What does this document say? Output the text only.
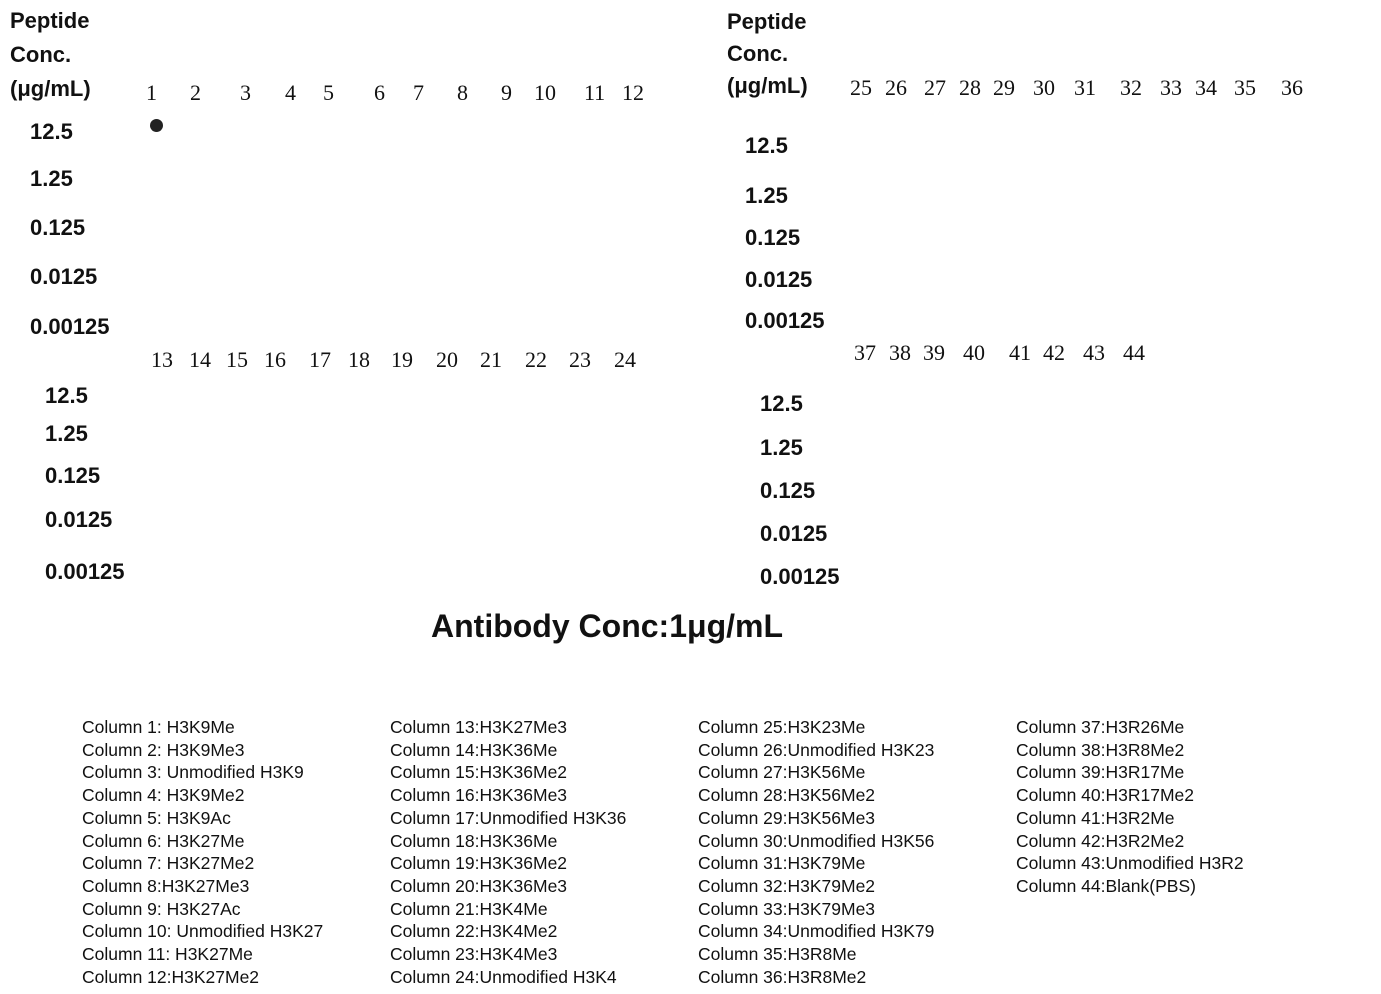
Peptide
Conc.
(μg/mL)
Peptide
Conc.
(μg/mL)
1 2 3 4 5 6 7 8 9 10 11 12
12.5
1.25
0.125
0.0125
0.00125
13 14 15 16 17 18 19 20 21 22 23 24
12.5
1.25
0.125
0.0125
0.00125
25 26 27 28 29 30 31 32 33 34 35 36
12.5
1.25
0.125
0.0125
0.00125
37 38 39 40 41 42 43 44
12.5
1.25
0.125
0.0125
0.00125
Antibody Conc:1μg/mL
Column 1: H3K9Me
Column 2: H3K9Me3
Column 3: Unmodified H3K9
Column 4: H3K9Me2
Column 5: H3K9Ac
Column 6: H3K27Me
Column 7: H3K27Me2
Column 8:H3K27Me3
Column 9: H3K27Ac
Column 10: Unmodified H3K27
Column 11: H3K27Me
Column 12:H3K27Me2
Column 13:H3K27Me3
Column 14:H3K36Me
Column 15:H3K36Me2
Column 16:H3K36Me3
Column 17:Unmodified H3K36
Column 18:H3K36Me
Column 19:H3K36Me2
Column 20:H3K36Me3
Column 21:H3K4Me
Column 22:H3K4Me2
Column 23:H3K4Me3
Column 24:Unmodified H3K4
Column 25:H3K23Me
Column 26:Unmodified H3K23
Column 27:H3K56Me
Column 28:H3K56Me2
Column 29:H3K56Me3
Column 30:Unmodified H3K56
Column 31:H3K79Me
Column 32:H3K79Me2
Column 33:H3K79Me3
Column 34:Unmodified H3K79
Column 35:H3R8Me
Column 36:H3R8Me2
Column 37:H3R26Me
Column 38:H3R8Me2
Column 39:H3R17Me
Column 40:H3R17Me2
Column 41:H3R2Me
Column 42:H3R2Me2
Column 43:Unmodified H3R2
Column 44:Blank(PBS)
